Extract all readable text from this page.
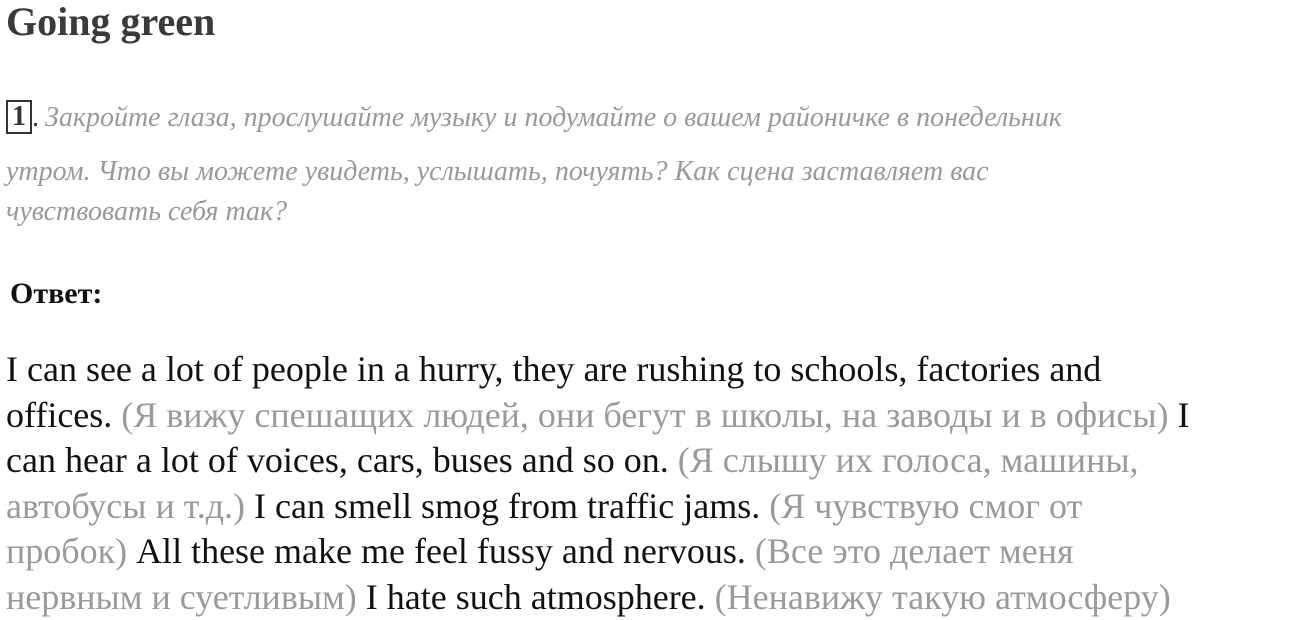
Going green
1 . Закройте глаза, прослушайте музыку и подумайте о вашем районичке в понедельник
утром. Что вы можете увидеть, услышать, почуять? Как сцена заставляет вас
чувствовать себя так?
Ответ:
I can see a lot of people in a hurry, they are rushing to schools, factories and
offices. (Я вижу спешащих людей, они бегут в школы, на заводы и в офисы) I
can hear a lot of voices, cars, buses and so on. (Я слышу их голоса, машины,
автобусы и т.д.) I can smell smog from traffic jams. (Я чувствую смог от
пробок) All these make me feel fussy and nervous. (Все это делает меня
нервным и суетливым) I hate such atmosphere. (Ненавижу такую атмосферу)
